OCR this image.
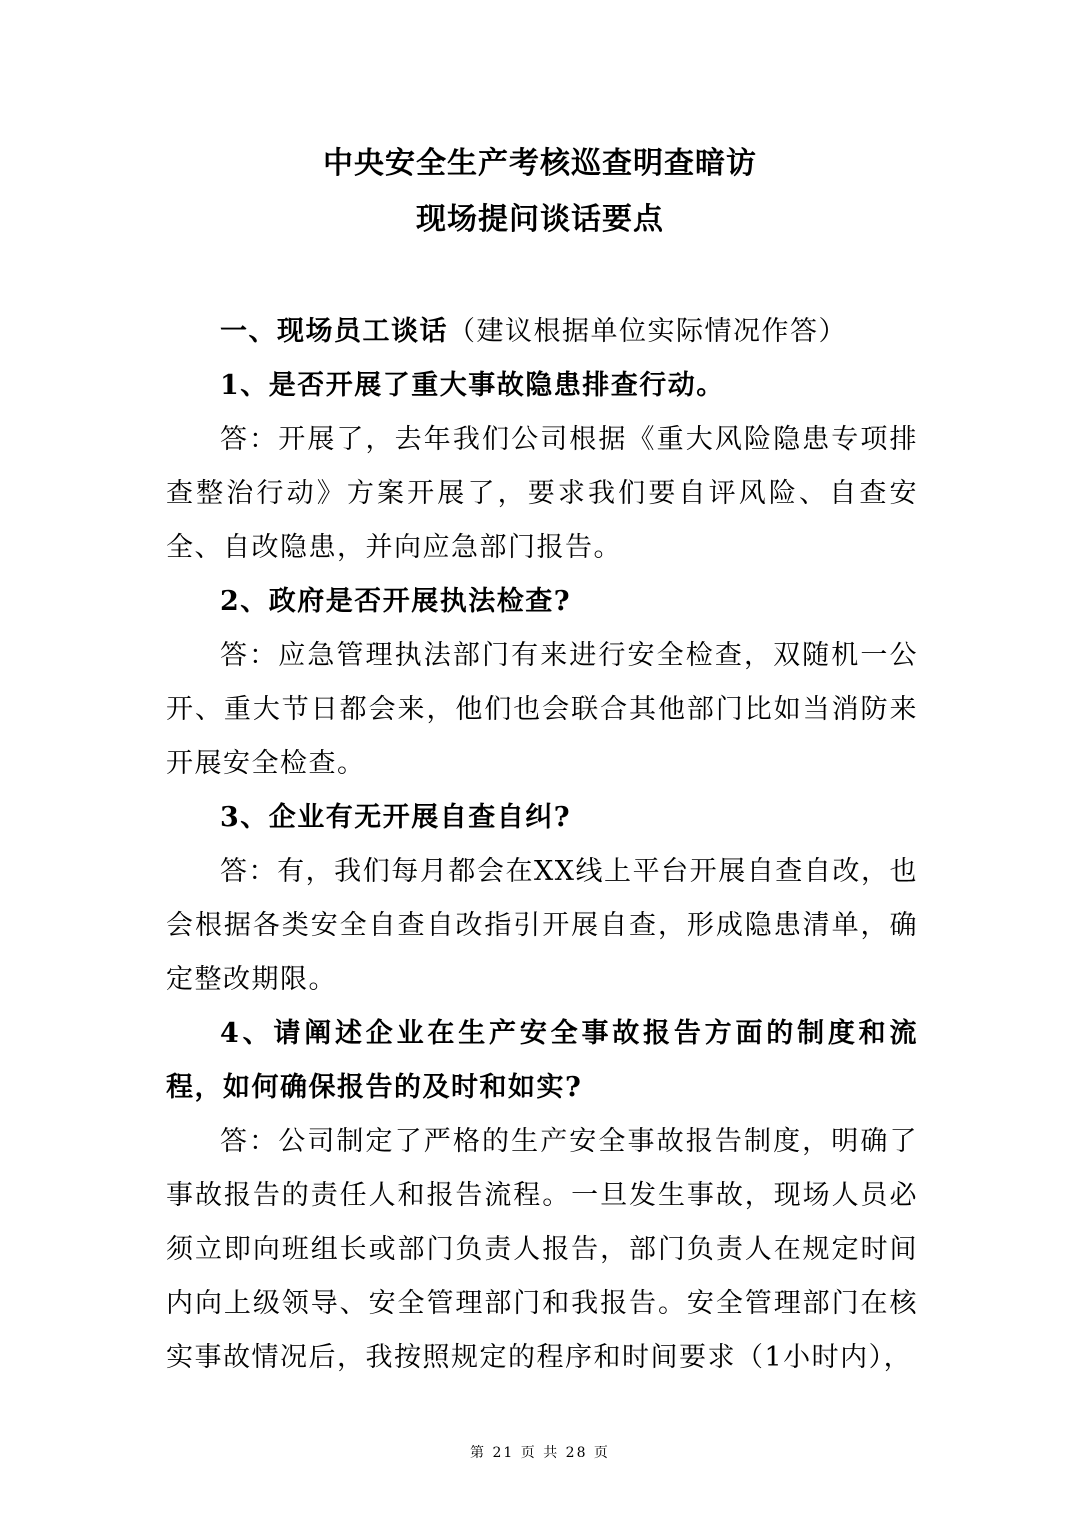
中央安全生产考核巡查明查暗访
现场提问谈话要点

一、现场员工谈话（建议根据单位实际情况作答）

1、是否开展了重大事故隐患排查行动。

答：开展了，去年我们公司根据《重大风险隐患专项排查整治行动》方案开展了，要求我们要自评风险、自查安全、自改隐患，并向应急部门报告。

2、政府是否开展执法检查?

答：应急管理执法部门有来进行安全检查，双随机一公开、重大节日都会来，他们也会联合其他部门比如当消防来开展安全检查。

3、企业有无开展自查自纠?

答：有，我们每月都会在XX线上平台开展自查自改，也会根据各类安全自查自改指引开展自查，形成隐患清单，确定整改期限。

4、请阐述企业在生产安全事故报告方面的制度和流程，如何确保报告的及时和如实?

答：公司制定了严格的生产安全事故报告制度，明确了事故报告的责任人和报告流程。一旦发生事故，现场人员必须立即向班组长或部门负责人报告，部门负责人在规定时间内向上级领导、安全管理部门和我报告。安全管理部门在核实事故情况后，我按照规定的程序和时间要求（1小时内），

第 21 页 共 28 页
